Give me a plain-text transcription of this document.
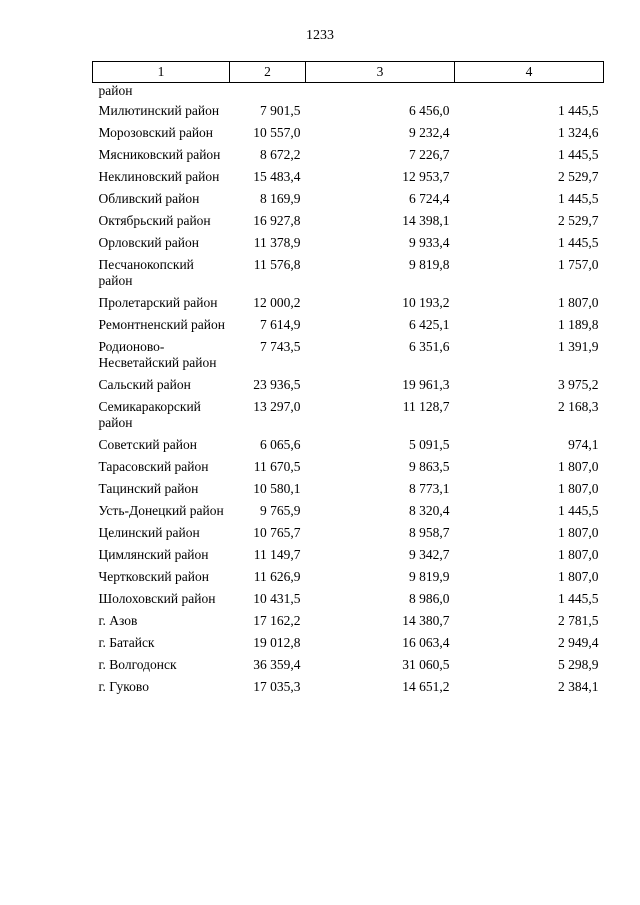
1233
1	2	3	4
район			
Милютинский район	7 901,5	6 456,0	1 445,5
Морозовский район	10 557,0	9 232,4	1 324,6
Мясниковский район	8 672,2	7 226,7	1 445,5
Неклиновский район	15 483,4	12 953,7	2 529,7
Обливский район	8 169,9	6 724,4	1 445,5
Октябрьский район	16 927,8	14 398,1	2 529,7
Орловский район	11 378,9	9 933,4	1 445,5
Песчанокопский район	11 576,8	9 819,8	1 757,0
Пролетарский район	12 000,2	10 193,2	1 807,0
Ремонтненский район	7 614,9	6 425,1	1 189,8
Родионово-Несветайский район	7 743,5	6 351,6	1 391,9
Сальский район	23 936,5	19 961,3	3 975,2
Семикаракорский район	13 297,0	11 128,7	2 168,3
Советский район	6 065,6	5 091,5	974,1
Тарасовский район	11 670,5	9 863,5	1 807,0
Тацинский район	10 580,1	8 773,1	1 807,0
Усть-Донецкий район	9 765,9	8 320,4	1 445,5
Целинский район	10 765,7	8 958,7	1 807,0
Цимлянский район	11 149,7	9 342,7	1 807,0
Чертковский район	11 626,9	9 819,9	1 807,0
Шолоховский район	10 431,5	8 986,0	1 445,5
г. Азов	17 162,2	14 380,7	2 781,5
г. Батайск	19 012,8	16 063,4	2 949,4
г. Волгодонск	36 359,4	31 060,5	5 298,9
г. Гуково	17 035,3	14 651,2	2 384,1
